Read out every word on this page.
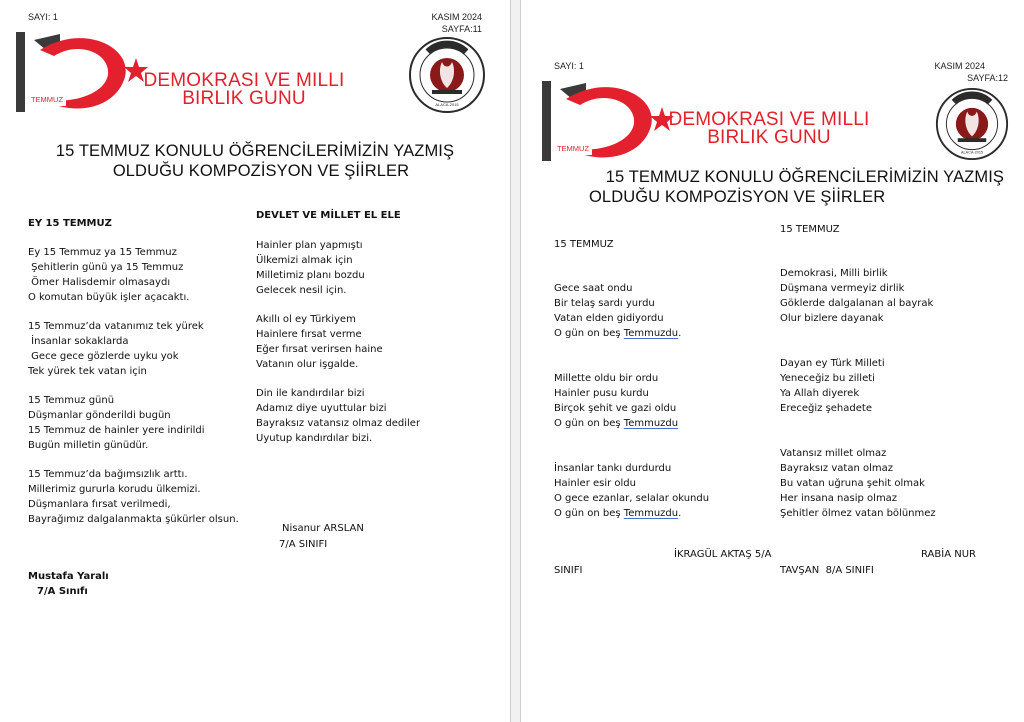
SAYI: 1	KASIM 2024
SAYFA:11
TEMMUZ
DEMOKRASI VE MILLI
BIRLIK GUNU	ALACA-2015
15 TEMMUZ KONULU ÖĞRENCİLERİMİZİN YAZMIŞ
OLDUĞU KOMPOZİSYON VE ŞİİRLER
EY 15 TEMMUZ
Ey 15 Temmuz ya 15 Temmuz
Şehitlerin günü ya 15 Temmuz
Ömer Halisdemir olmasaydı
O komutan büyük işler açacaktı.
15 Temmuz’da vatanımız tek yürek
İnsanlar sokaklarda
Gece gece gözlerde uyku yok
Tek yürek tek vatan için
15 Temmuz günü
Düşmanlar gönderildi bugün
15 Temmuz de hainler yere indirildi
Bugün milletin günüdür.
15 Temmuz’da bağımsızlık arttı.
Millerimiz gururla korudu ülkemizi.
Düşmanlara fırsat verilmedi,
Bayrağımız dalgalanmakta şükürler olsun.
Mustafa Yaralı
7/A Sınıfı
DEVLET VE MİLLET EL ELE
Hainler plan yapmıştı
Ülkemizi almak için
Milletimiz planı bozdu
Gelecek nesil için.
Akıllı ol ey Türkiyem
Hainlere fırsat verme
Eğer fırsat verirsen haine
Vatanın olur işgalde.
Din ile kandırdılar bizi
Adamız diye uyuttular bizi
Bayraksız vatansız olmaz dediler
Uyutup kandırdılar bizi.
Nisanur ARSLAN
7/A SINIFI
SAYI: 1	KASIM 2024
SAYFA:12
TEMMUZ
DEMOKRASI VE MILLI
BIRLIK GUNU
ALACA-2015
15 TEMMUZ KONULU ÖĞRENCİLERİMİZİN YAZMIŞ
OLDUĞU KOMPOZİSYON VE ŞİİRLER
15 TEMMUZ
Gece saat ondu
Bir telaş sardı yurdu
Vatan elden gidiyordu
O gün on beş Temmuzdu.
Millette oldu bir ordu
Hainler pusu kurdu
Birçok şehit ve gazi oldu
O gün on beş Temmuzdu
İnsanlar tankı durdurdu
Hainler esir oldu
O gece ezanlar, selalar okundu
O gün on beş Temmuzdu.
İKRAGÜL AKTAŞ 5/A
SINIFI
15 TEMMUZ
Demokrasi, Milli birlik
Düşmana vermeyiz dirlik
Göklerde dalgalanan al bayrak
Olur bizlere dayanak
Dayan ey Türk Milleti
Yeneceğiz bu zilleti
Ya Allah diyerek
Ereceğiz şehadete
Vatansız millet olmaz
Bayraksız vatan olmaz
Bu vatan uğruna şehit olmak
Her insana nasip olmaz
Şehitler ölmez vatan bölünmez
RABİA NUR
TAVŞAN  8/A SINIFI
